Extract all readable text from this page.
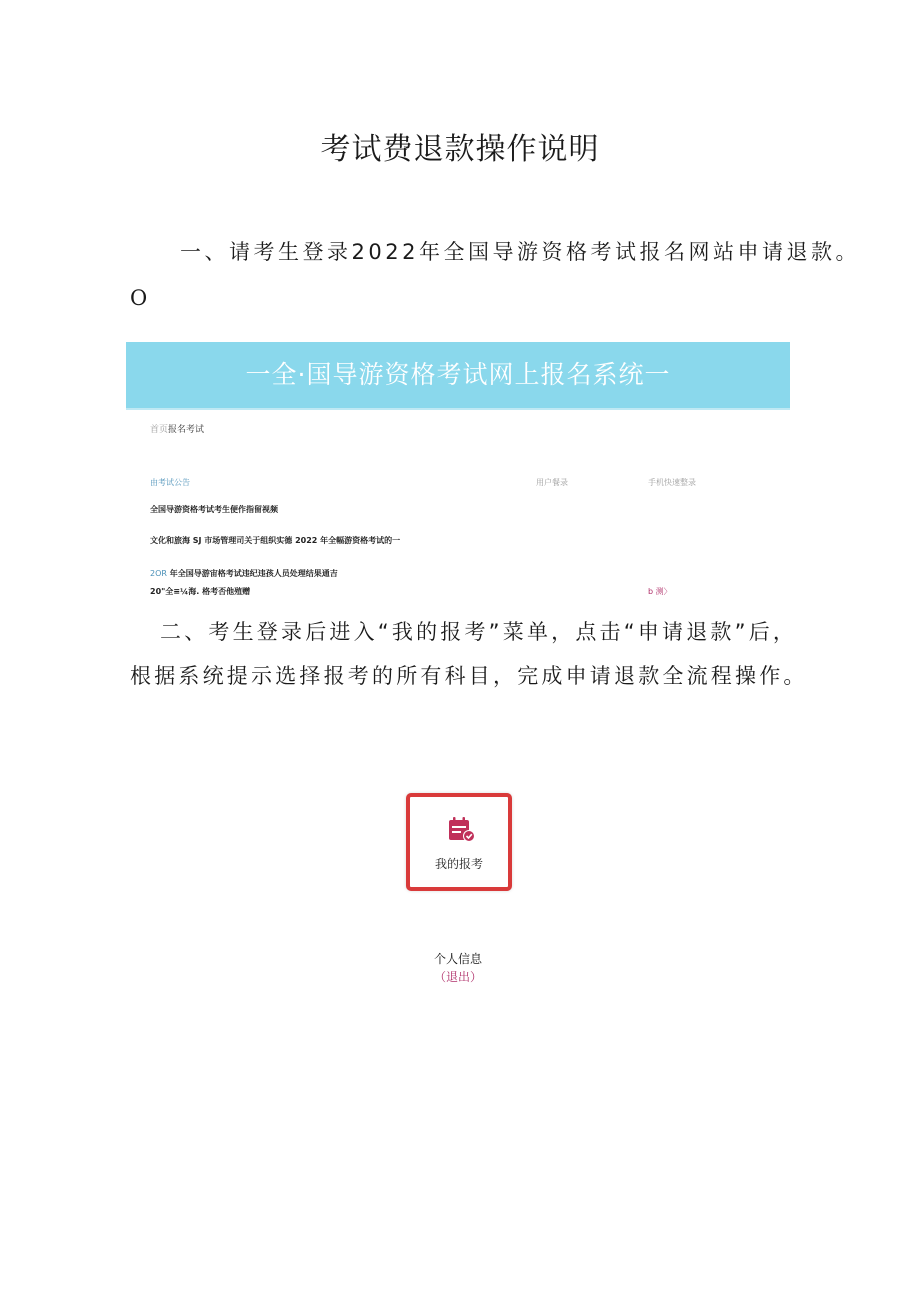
考试费退款操作说明
一、请考生登录2022年全国导游资格考试报名网站申请退款。
O
一全·国导游资格考试网上报名系统一
首页报名考试
由考试公告	用户餐录	手机快速整录
全国导游资格考试考生便作指留视频
文化和旅海 SJ 市场管理司关于组织实德 2022 年全幅游资格考试的一
2OR 年全国导游宙格考试违纪违孩人员处理结果通吉
20"全≡¼海. 格考否他殖赠	b 测〉
二、考生登录后进入“我的报考”菜单，点击“申请退款”后，根据系统提示选择报考的所有科目，完成申请退款全流程操作。
我的报考
个人信息
（退出）
